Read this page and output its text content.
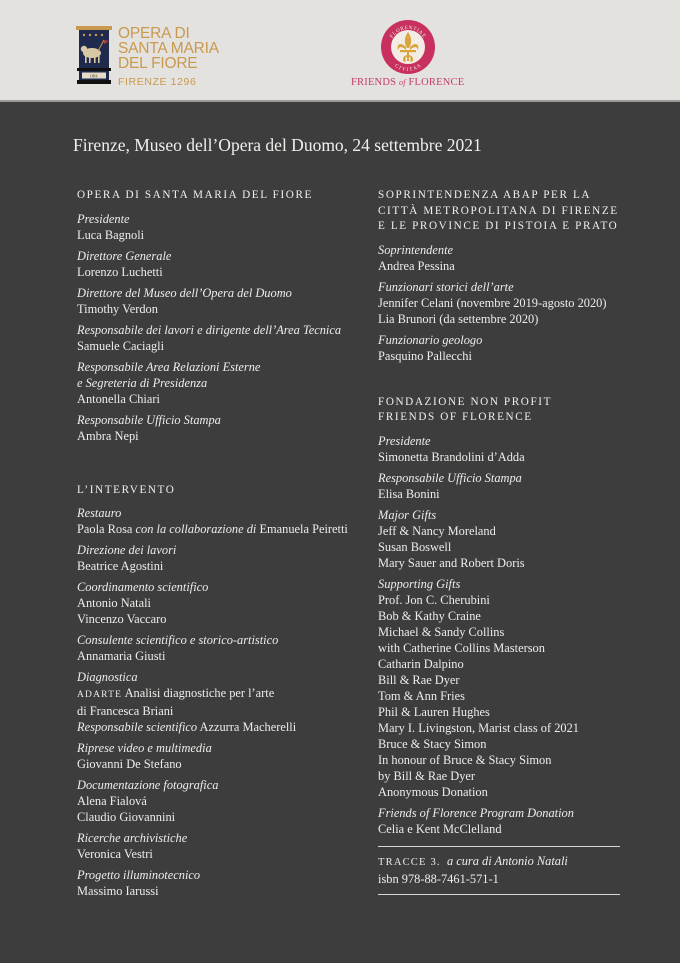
OPA
OPERA DI
SANTA MARIA
DEL FIORE
FIRENZE 1296
FLORENTIAE
CIVITAS
FRIENDS of FLORENCE
Firenze, Museo dell’Opera del Duomo, 24 settembre 2021
OPERA DI SANTA MARIA DEL FIORE
Presidente
Luca Bagnoli
Direttore Generale
Lorenzo Luchetti
Direttore del Museo dell’Opera del Duomo
Timothy Verdon
Responsabile dei lavori e dirigente dell’Area Tecnica
Samuele Caciagli
Responsabile Area Relazioni Esterne
e Segreteria di Presidenza
Antonella Chiari
Responsabile Ufficio Stampa
Ambra Nepi
L’INTERVENTO
Restauro
Paola Rosa con la collaborazione di Emanuela Peiretti
Direzione dei lavori
Beatrice Agostini
Coordinamento scientifico
Antonio Natali
Vincenzo Vaccaro
Consulente scientifico e storico-artistico
Annamaria Giusti
Diagnostica
ADARTE Analisi diagnostiche per l’arte
di Francesca Briani
Responsabile scientifico Azzurra Macherelli
Riprese video e multimedia
Giovanni De Stefano
Documentazione fotografica
Alena Fialová
Claudio Giovannini
Ricerche archivistiche
Veronica Vestri
Progetto illuminotecnico
Massimo Iarussi
SOPRINTENDENZA ABAP PER LA
CITTÀ METROPOLITANA DI FIRENZE
E LE PROVINCE DI PISTOIA E PRATO
Soprintendente
Andrea Pessina
Funzionari storici dell’arte
Jennifer Celani (novembre 2019-agosto 2020)
Lia Brunori (da settembre 2020)
Funzionario geologo
Pasquino Pallecchi
FONDAZIONE NON PROFIT
FRIENDS OF FLORENCE
Presidente
Simonetta Brandolini d’Adda
Responsabile Ufficio Stampa
Elisa Bonini
Major Gifts
Jeff & Nancy Moreland
Susan Boswell
Mary Sauer and Robert Doris
Supporting Gifts
Prof. Jon C. Cherubini
Bob & Kathy Craine
Michael & Sandy Collins
with Catherine Collins Masterson
Catharin Dalpino
Bill & Rae Dyer
Tom & Ann Fries
Phil & Lauren Hughes
Mary I. Livingston, Marist class of 2021
Bruce & Stacy Simon
In honour of Bruce & Stacy Simon
by Bill & Rae Dyer
Anonymous Donation
Friends of Florence Program Donation
Celia e Kent McClelland
TRACCE 3. a cura di Antonio Natali
isbn 978-88-7461-571-1
